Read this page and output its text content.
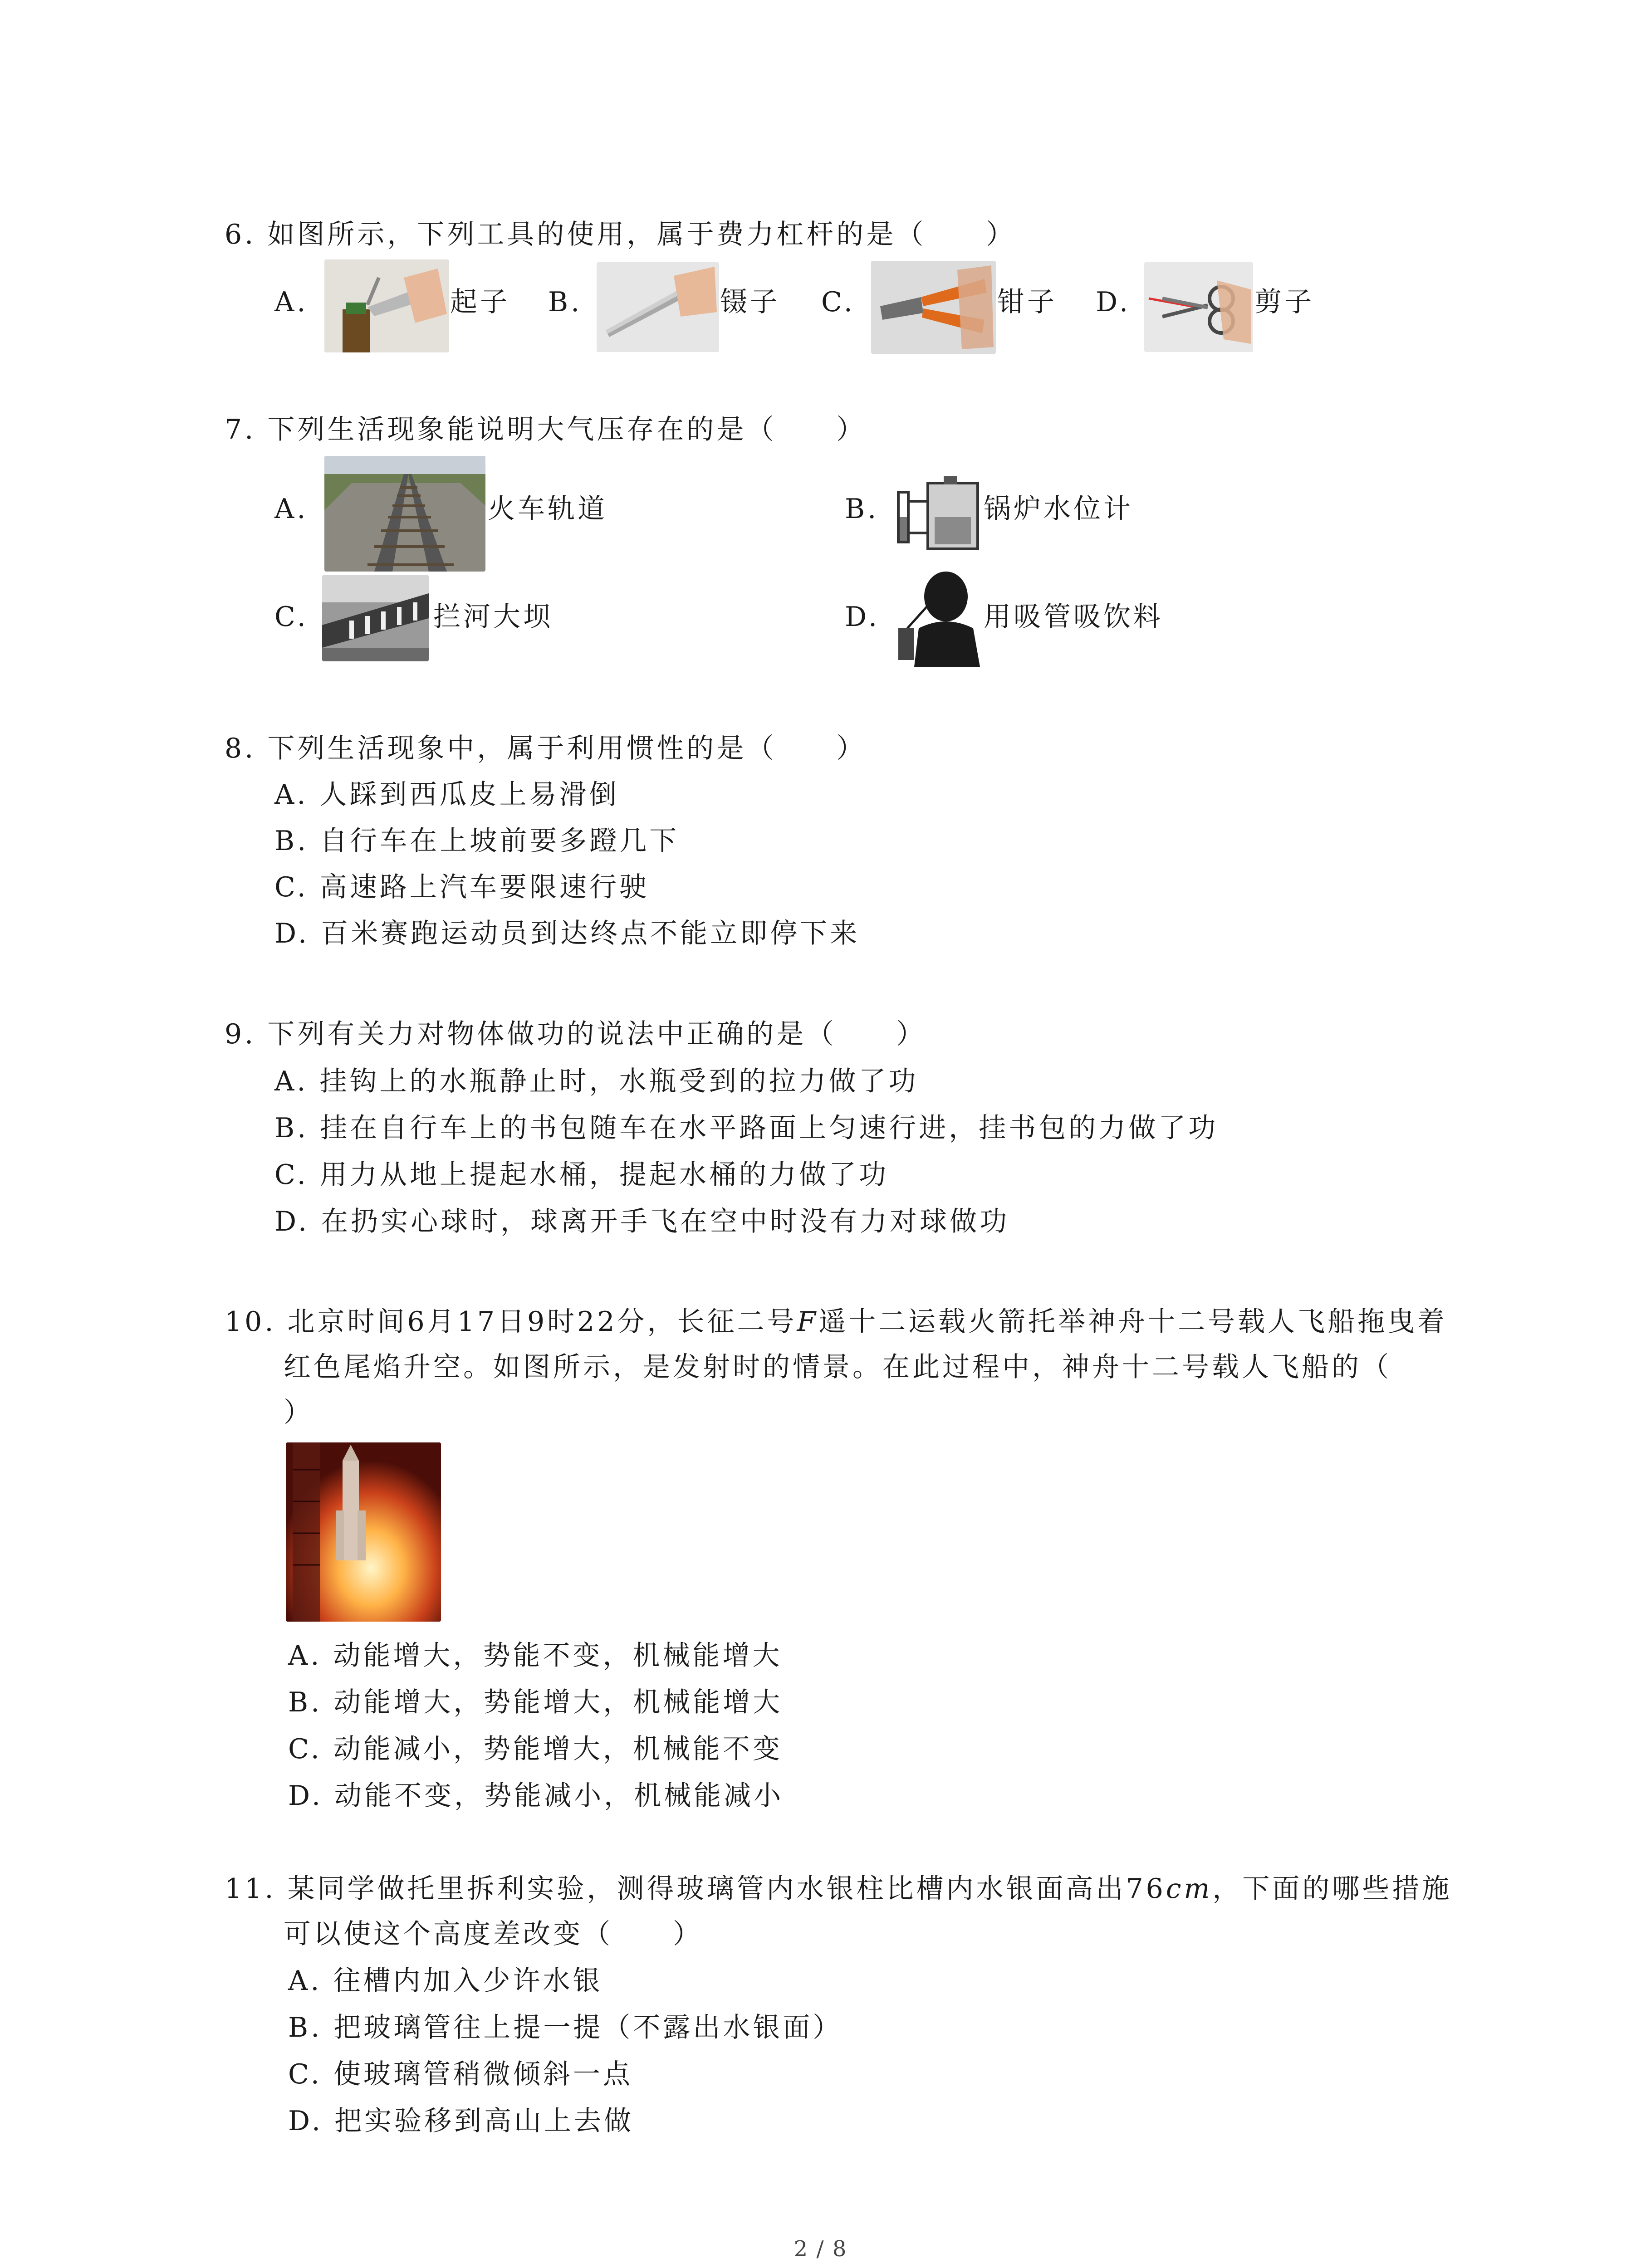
6. 如图所示，下列工具的使用，属于费力杠杆的是（　　）
A.	起子 B.	镊子 C.	钳子 D.	剪子
7. 下列生活现象能说明大气压存在的是（　　）
A.	火车轨道	B.	锅炉水位计
C.	拦河大坝	D.	用吸管吸饮料
8. 下列生活现象中，属于利用惯性的是（　　）
A. 人踩到西瓜皮上易滑倒
B. 自行车在上坡前要多蹬几下
C. 高速路上汽车要限速行驶
D. 百米赛跑运动员到达终点不能立即停下来
9. 下列有关力对物体做功的说法中正确的是（　　）
A. 挂钩上的水瓶静止时，水瓶受到的拉力做了功
B. 挂在自行车上的书包随车在水平路面上匀速行进，挂书包的力做了功
C. 用力从地上提起水桶，提起水桶的力做了功
D. 在扔实心球时，球离开手飞在空中时没有力对球做功
10. 北京时间6月17日9时22分，长征二号F遥十二运载火箭托举神舟十二号载人飞船拖曳着
红色尾焰升空。如图所示，是发射时的情景。在此过程中，神舟十二号载人飞船的（
）
A. 动能增大，势能不变，机械能增大
B. 动能增大，势能增大，机械能增大
C. 动能减小，势能增大，机械能不变
D. 动能不变，势能减小，机械能减小
11. 某同学做托里拆利实验，测得玻璃管内水银柱比槽内水银面高出76cm，下面的哪些措施
可以使这个高度差改变（　　）
A. 往槽内加入少许水银
B. 把玻璃管往上提一提（不露出水银面）
C. 使玻璃管稍微倾斜一点
D. 把实验移到高山上去做
2 / 8
